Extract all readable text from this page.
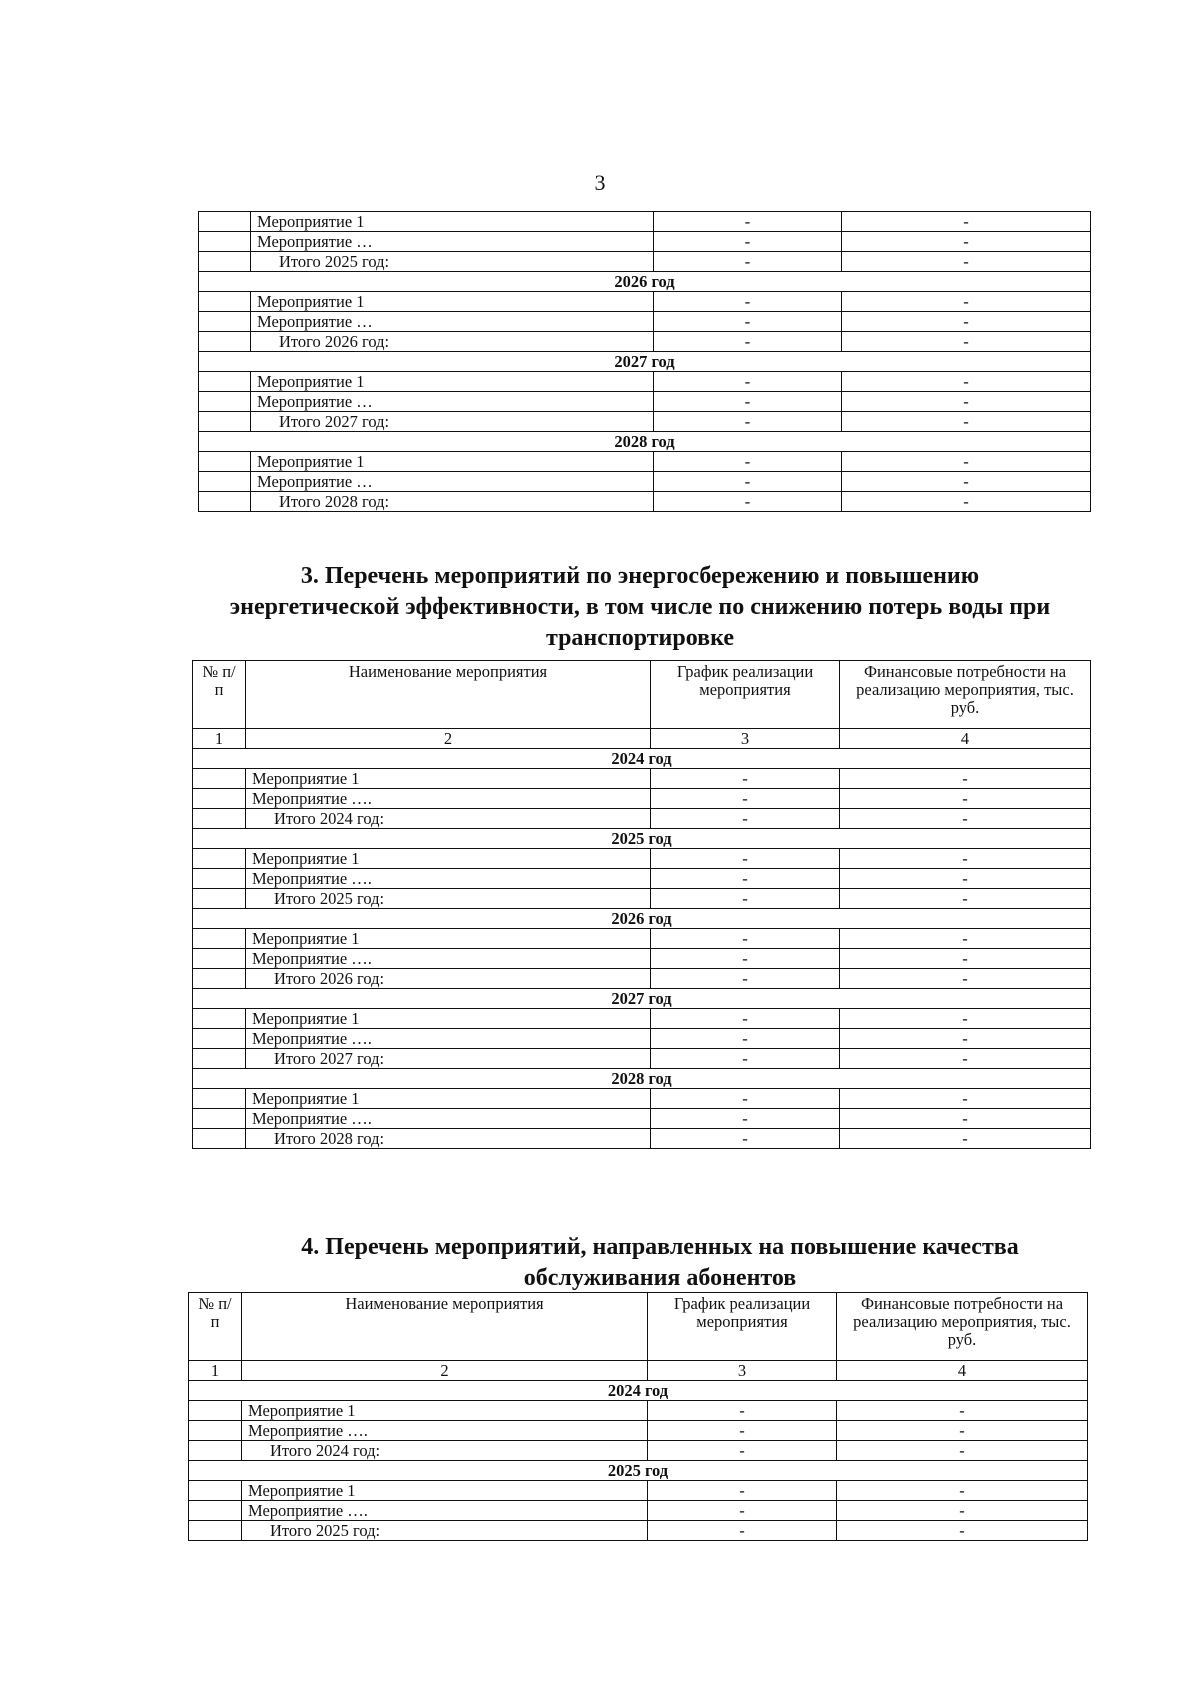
3
	Мероприятие 1	-	-
	Мероприятие …	-	-
	Итого 2025 год:	-	-
2026 год			
	Мероприятие 1	-	-
	Мероприятие …	-	-
	Итого 2026 год:	-	-
2027 год			
	Мероприятие 1	-	-
	Мероприятие …	-	-
	Итого 2027 год:	-	-
2028 год			
	Мероприятие 1	-	-
	Мероприятие …	-	-
	Итого 2028 год:	-	-
3. Перечень мероприятий по энергосбережению и повышению энергетической эффективности, в том числе по снижению потерь воды при транспортировке
№ п/п	Наименование мероприятия	График реализации мероприятия	Финансовые потребности на реализацию мероприятия, тыс. руб.
1	2	3	4
2024 год			
	Мероприятие 1	-	-
	Мероприятие ….	-	-
	Итого 2024 год:	-	-
2025 год			
	Мероприятие 1	-	-
	Мероприятие ….	-	-
	Итого 2025 год:	-	-
2026 год			
	Мероприятие 1	-	-
	Мероприятие ….	-	-
	Итого 2026 год:	-	-
2027 год			
	Мероприятие 1	-	-
	Мероприятие ….	-	-
	Итого 2027 год:	-	-
2028 год			
	Мероприятие 1	-	-
	Мероприятие ….	-	-
	Итого 2028 год:	-	-
4. Перечень мероприятий, направленных на повышение качества обслуживания абонентов
№ п/п	Наименование мероприятия	График реализации мероприятия	Финансовые потребности на реализацию мероприятия, тыс. руб.
1	2	3	4
2024 год			
	Мероприятие 1	-	-
	Мероприятие ….	-	-
	Итого 2024 год:	-	-
2025 год			
	Мероприятие 1	-	-
	Мероприятие ….	-	-
	Итого 2025 год:	-	-
